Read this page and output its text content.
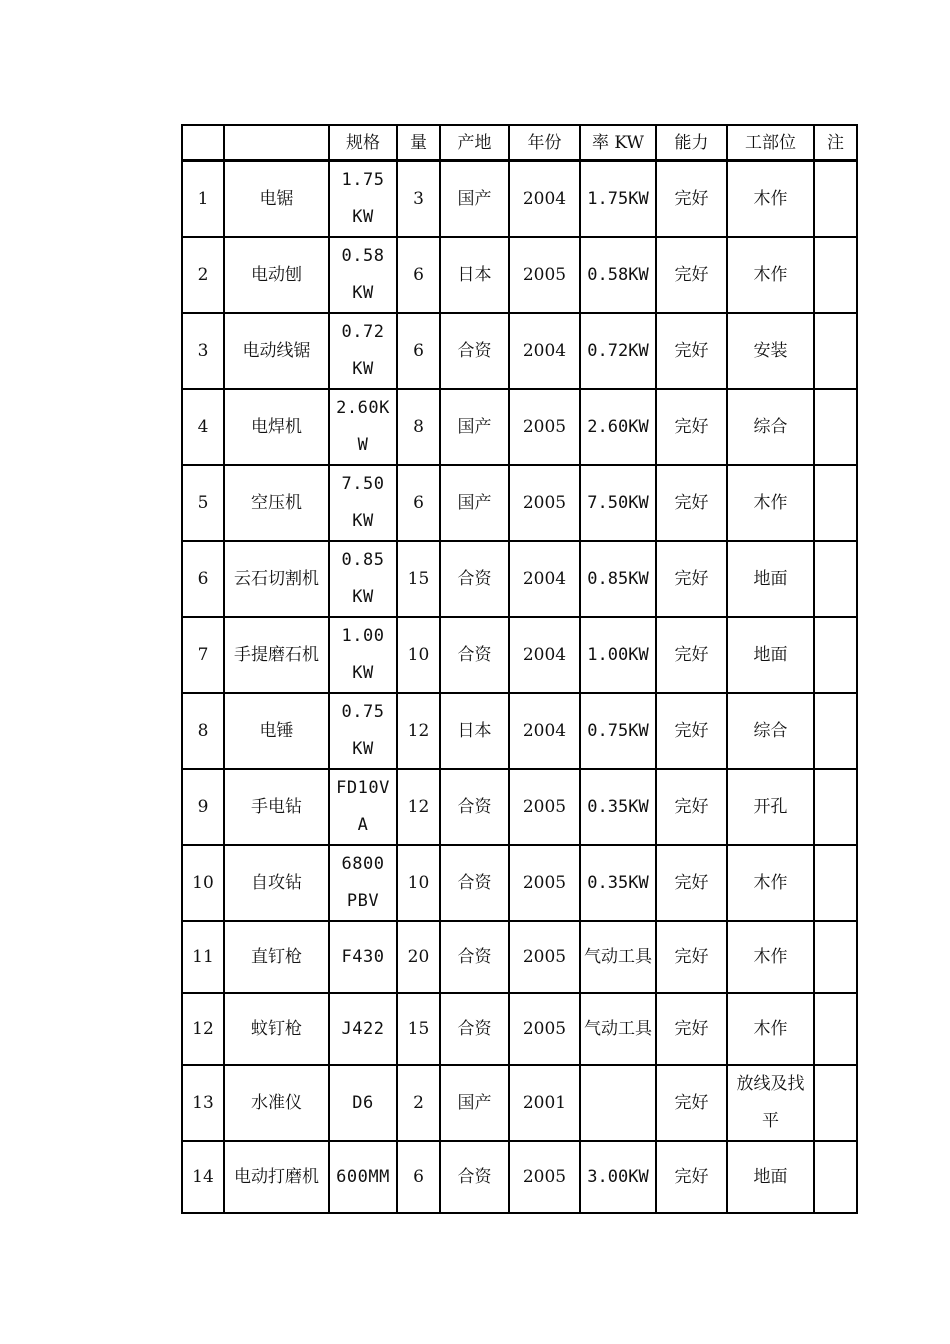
		规格	量	产地	年份	率 KW	能力	工部位	注
1	电锯	1.75 KW	3	国产	2004	1.75KW	完好	木作	
2	电动刨	0.58 KW	6	日本	2005	0.58KW	完好	木作	
3	电动线锯	0.72 KW	6	合资	2004	0.72KW	完好	安装	
4	电焊机	2.60KW	8	国产	2005	2.60KW	完好	综合	
5	空压机	7.50 KW	6	国产	2005	7.50KW	完好	木作	
6	云石切割机	0.85 KW	15	合资	2004	0.85KW	完好	地面	
7	手提磨石机	1.00 KW	10	合资	2004	1.00KW	完好	地面	
8	电锤	0.75 KW	12	日本	2004	0.75KW	完好	综合	
9	手电钻	FD10VA	12	合资	2005	0.35KW	完好	开孔	
10	自攻钻	6800 PBV	10	合资	2005	0.35KW	完好	木作	
11	直钉枪	F430	20	合资	2005	气动工具	完好	木作	
12	蚊钉枪	J422	15	合资	2005	气动工具	完好	木作	
13	水准仪	D6	2	国产	2001		完好	放线及找平	
14	电动打磨机	600MM	6	合资	2005	3.00KW	完好	地面	
